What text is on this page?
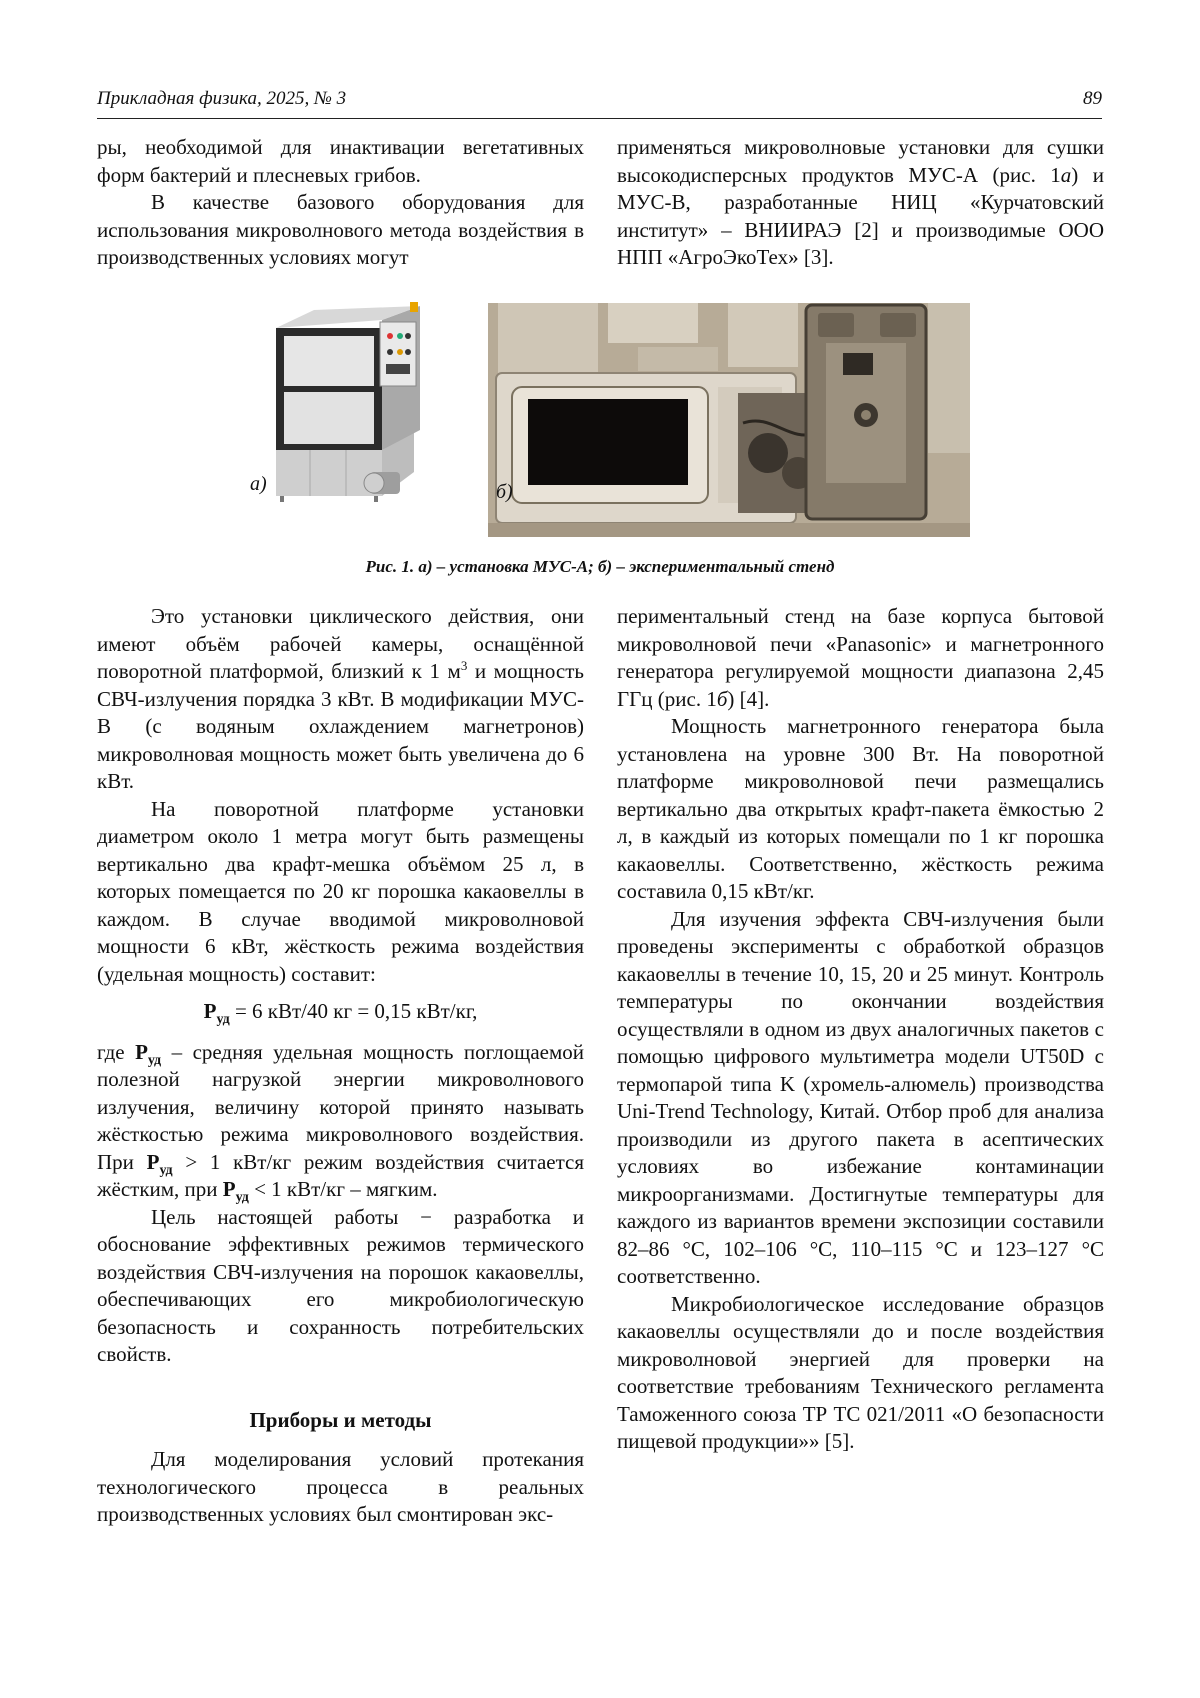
Прикладная физика, 2025, № 3	89

ры, необходимой для инактивации вегетативных форм бактерий и плесневых грибов.

В качестве базового оборудования для использования микроволнового метода воздействия в производственных условиях могут

применяться микроволновые установки для сушки высокодисперсных продуктов МУС-А (рис. 1а) и МУС-В, разработанные НИЦ «Курчатовский институт» – ВНИИРАЭ [2] и производимые ООО НПП «АгроЭкоТех» [3].

а)	б)
Рис. 1. а) – установка МУС-А; б) – экспериментальный стенд

Это установки циклического действия, они имеют объём рабочей камеры, оснащённой поворотной платформой, близкий к 1 $м^3$ и мощность СВЧ-излучения порядка 3 кВт. В модификации МУС-В (с водяным охлаждением магнетронов) микроволновая мощность может быть увеличена до 6 кВт.

На поворотной платформе установки диаметром около 1 метра могут быть размещены вертикально два крафт-мешка объёмом 25 л, в которых помещается по 20 кг порошка какаовеллы в каждом. В случае вводимой микроволновой мощности 6 кВт, жёсткость режима воздействия (удельная мощность) составит:

$P_{уд} = 6$ кВт/40 кг = 0,15 кВт/кг,

где $P_{уд}$ – средняя удельная мощность поглощаемой полезной нагрузкой энергии микроволнового излучения, величину которой принято называть жёсткостью режима микроволнового воздействия. При $P_{уд} > 1$ кВт/кг режим воздействия считается жёстким, при $P_{уд} < 1$ кВт/кг – мягким.

Цель настоящей работы − разработка и обоснование эффективных режимов термического воздействия СВЧ-излучения на порошок какаовеллы, обеспечивающих его микробиологическую безопасность и сохранность потребительских свойств.

Приборы и методы

Для моделирования условий протекания технологического процесса в реальных производственных условиях был смонтирован экс-

перимeнтальный стенд на базе корпуса бытовой микроволновой печи «Panasonic» и магнетронного генератора регулируемой мощности диапазона 2,45 ГГц (рис. 1б) [4].

Мощность магнетронного генератора была установлена на уровне 300 Вт. На поворотной платформе микроволновой печи размещались вертикально два открытых крафт-пакета ёмкостью 2 л, в каждый из которых помещали по 1 кг порошка какаовеллы. Соответственно, жёсткость режима составила 0,15 кВт/кг.

Для изучения эффекта СВЧ-излучения были проведены эксперименты с обработкой образцов какаовеллы в течение 10, 15, 20 и 25 минут. Контроль температуры по окончании воздействия осуществляли в одном из двух аналогичных пакетов с помощью цифрового мультиметра модели UT50D с термопарой типа K (хромель-алюмель) производства Uni-Trend Technology, Китай. Отбор проб для анализа производили из другого пакета в асептических условиях во избежание контаминации микроорганизмами. Достигнутые температуры для каждого из вариантов времени экспозиции составили 82–86 °C, 102–106 °C, 110–115 °C и 123–127 °C соответственно.

Микробиологическое исследование образцов какаовеллы осуществляли до и после воздействия микроволновой энергией для проверки на соответствие требованиям Технического регламента Таможенного союза ТР ТС 021/2011 «О безопасности пищевой продукции»» [5].
